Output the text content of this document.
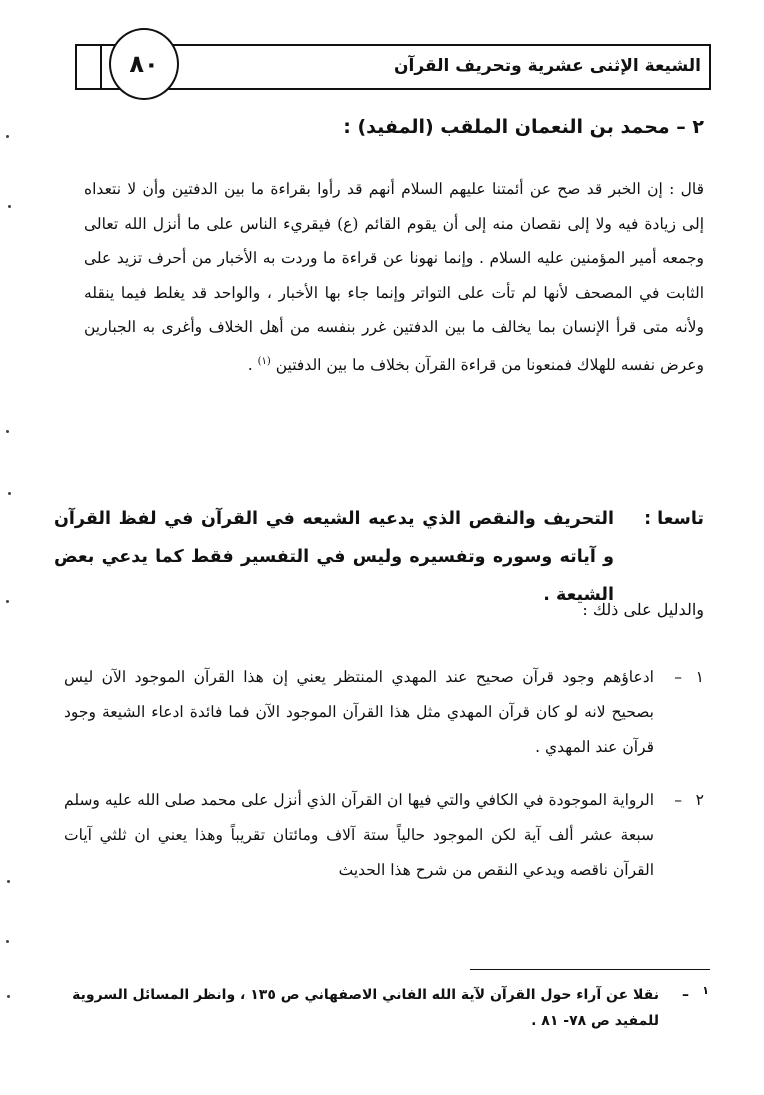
الشيعة الإثنى عشرية وتحريف القرآن
٨٠
٢ – محمد بن النعمان الملقب (المفيد) :
قال : إن الخبر قد صح عن أئمتنا عليهم السلام أنهم قد رأوا بقراءة ما بين الدفتين وأن لا نتعداه إلى زيادة فيه ولا إلى نقصان منه إلى أن يقوم القائم (ع) فيقريء الناس على ما أنزل الله تعالى وجمعه أمير المؤمنين عليه السلام . وإنما نهونا عن قراءة ما وردت به الأخبار من أحرف تزيد على الثابت في المصحف لأنها لم تأت على التواتر وإنما جاء بها الأخبار ، والواحد قد يغلط فيما ينقله ولأنه متى قرأ الإنسان بما يخالف ما بين الدفتين غرر بنفسه من أهل الخلاف وأغرى به الجبارين وعرض نفسه للهلاك فمنعونا من قراءة القرآن بخلاف ما بين الدفتين $^{(١)}$ .
تاسعا :
التحريف والنقص الذي يدعيه الشيعه في القرآن في لفظ القرآن و آياته وسوره وتفسيره وليس في التفسير فقط كما يدعي بعض الشيعة .
والدليل على ذلك :
١
–
ادعاؤهم وجود قرآن صحيح عند المهدي المنتظر يعني إن هذا القرآن الموجود الآن ليس بصحيح لانه لو كان قرآن المهدي مثل هذا القرآن الموجود الآن فما فائدة ادعاء الشيعة وجود قرآن عند المهدي .
٢
–
الرواية الموجودة في الكافي والتي فيها ان القرآن الذي أنزل على محمد صلى الله عليه وسلم سبعة عشر ألف آية لكن الموجود حالياً ستة آلاف ومائتان تقريباً وهذا يعني ان ثلثي آيات القرآن ناقصه ويدعي النقص من شرح هذا الحديث
١
–
نقلا عن آراء حول القرآن لآية الله الفاني الاصفهاني ص ١٣٥ ، وانظر المسائل السروية للمفيد ص ٧٨- ٨١ .
